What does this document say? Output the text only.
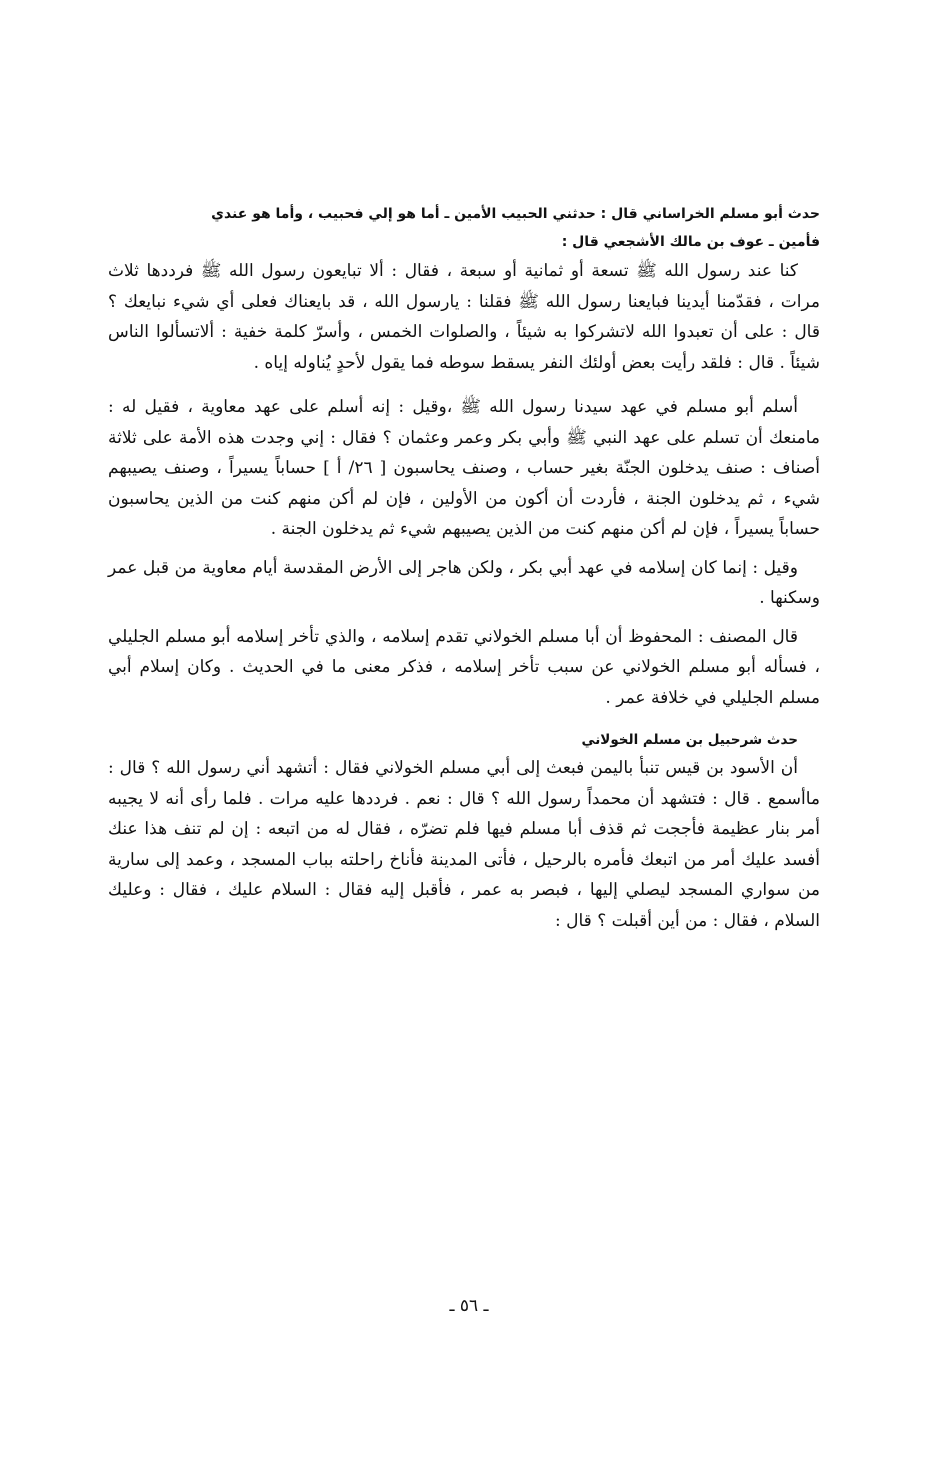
حدث أبو مسلم الخراساني قال : حدثني الحبيب الأمين ـ أما هو إلي فحبيب ، وأما هو عندي

فأمين ـ عوف بن مالك الأشجعي قال :

كنا عند رسول الله ﷺ تسعة أو ثمانية أو سبعة ، فقال : ألا تبايعون رسول الله ﷺ فرددها ثلاث مرات ، فقدّمنا أيدينا فبايعنا رسول الله ﷺ فقلنا : يارسول الله ، قد بايعناك فعلى أي شيء نبايعك ؟ قال : على أن تعبدوا الله لاتشركوا به شيئاً ، والصلوات الخمس ، وأسرّ كلمة خفية : ألاتسألوا الناس شيئاً . قال : فلقد رأيت بعض أولئك النفر يسقط سوطه فما يقول لأحدٍ يُناوله إياه .

أسلم أبو مسلم في عهد سيدنا رسول الله ﷺ ،وقيل : إنه أسلم على عهد معاوية ، فقيل له : مامنعك أن تسلم على عهد النبي ﷺ وأبي بكر وعمر وعثمان ؟ فقال : إني وجدت هذه الأمة على ثلاثة أصناف : صنف يدخلون الجنّة بغير حساب ، وصنف يحاسبون [ ٢٦/ أ ] حساباً يسيراً ، وصنف يصيبهم شيء ، ثم يدخلون الجنة ، فأردت أن أكون من الأولين ، فإن لم أكن منهم كنت من الذين يحاسبون حساباً يسيراً ، فإن لم أكن منهم كنت من الذين يصيبهم شيء ثم يدخلون الجنة .

وقيل : إنما كان إسلامه في عهد أبي بكر ، ولكن هاجر إلى الأرض المقدسة أيام معاوية من قبل عمر وسكنها .

قال المصنف : المحفوظ أن أبا مسلم الخولاني تقدم إسلامه ، والذي تأخر إسلامه أبو مسلم الجليلي ، فسأله أبو مسلم الخولاني عن سبب تأخر إسلامه ، فذكر معنى ما في الحديث . وكان إسلام أبي مسلم الجليلي في خلافة عمر .

حدث شرحبيل بن مسلم الخولاني

أن الأسود بن قيس تنبأ باليمن فبعث إلى أبي مسلم الخولاني فقال : أتشهد أني رسول الله ؟ قال : ماأسمع . قال : فتشهد أن محمداً رسول الله ؟ قال : نعم . فرددها عليه مرات . فلما رأى أنه لا يجيبه أمر بنار عظيمة فأججت ثم قذف أبا مسلم فيها فلم تضرّه ، فقال له من اتبعه : إن لم تنف هذا عنك أفسد عليك أمر من اتبعك فأمره بالرحيل ، فأتى المدينة فأناخ راحلته بباب المسجد ، وعمد إلى سارية من سواري المسجد ليصلي إليها ، فبصر به عمر ، فأقبل إليه فقال : السلام عليك ، فقال : وعليك السلام ، فقال : من أين أقبلت ؟ قال :

ـ ٥٦ ـ
